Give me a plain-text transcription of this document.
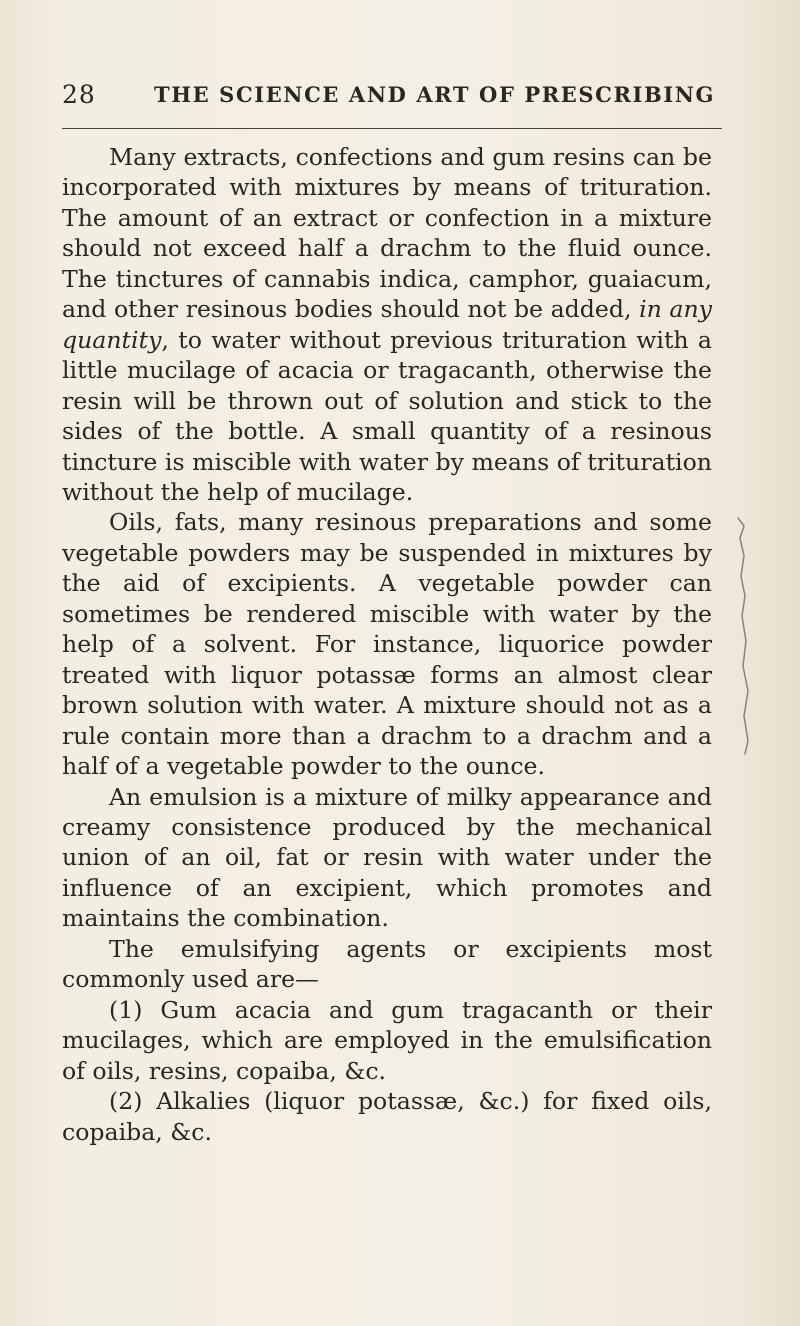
28	THE SCIENCE AND ART OF PRESCRIBING

Many extracts, confections and gum resins can be incorporated with mixtures by means of trituration. The amount of an extract or confection in a mixture should not exceed half a drachm to the fluid ounce. The tinctures of cannabis indica, camphor, guaiacum, and other resinous bodies should not be added, in any quantity, to water without previous trituration with a little mucilage of acacia or tragacanth, otherwise the resin will be thrown out of solution and stick to the sides of the bottle. A small quantity of a resinous tincture is miscible with water by means of trituration without the help of mucilage.

Oils, fats, many resinous preparations and some vegetable powders may be suspended in mixtures by the aid of excipients. A vegetable powder can sometimes be rendered miscible with water by the help of a solvent. For instance, liquorice powder treated with liquor potassæ forms an almost clear brown solution with water. A mixture should not as a rule contain more than a drachm to a drachm and a half of a vegetable powder to the ounce.

An emulsion is a mixture of milky appearance and creamy consistence produced by the mechanical union of an oil, fat or resin with water under the influence of an excipient, which promotes and maintains the combination.

The emulsifying agents or excipients most commonly used are—

(1) Gum acacia and gum tragacanth or their mucilages, which are employed in the emulsification of oils, resins, copaiba, &c.

(2) Alkalies (liquor potassæ, &c.) for fixed oils, copaiba, &c.
